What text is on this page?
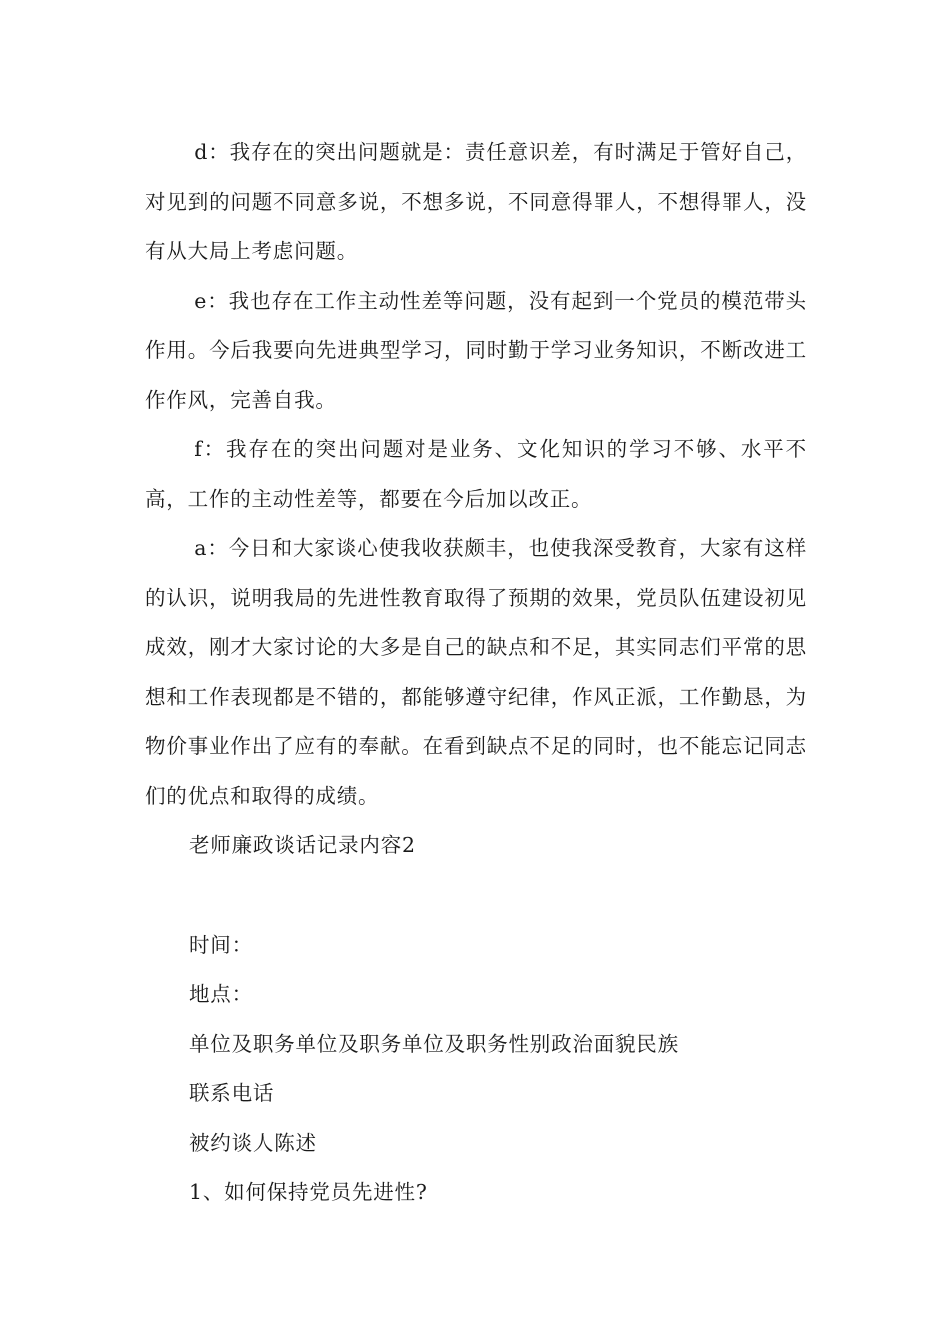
d：我存在的突出问题就是：责任意识差，有时满足于管好自己，对见到的问题不同意多说，不想多说，不同意得罪人，不想得罪人，没有从大局上考虑问题。

e：我也存在工作主动性差等问题，没有起到一个党员的模范带头作用。今后我要向先进典型学习，同时勤于学习业务知识，不断改进工作作风，完善自我。

f：我存在的突出问题对是业务、文化知识的学习不够、水平不高，工作的主动性差等，都要在今后加以改正。

a：今日和大家谈心使我收获颇丰，也使我深受教育，大家有这样的认识，说明我局的先进性教育取得了预期的效果，党员队伍建设初见成效，刚才大家讨论的大多是自己的缺点和不足，其实同志们平常的思想和工作表现都是不错的，都能够遵守纪律，作风正派，工作勤恳，为物价事业作出了应有的奉献。在看到缺点不足的同时，也不能忘记同志们的优点和取得的成绩。

老师廉政谈话记录内容2

时间：

地点：

单位及职务单位及职务单位及职务性别政治面貌民族

联系电话

被约谈人陈述

1、如何保持党员先进性?
